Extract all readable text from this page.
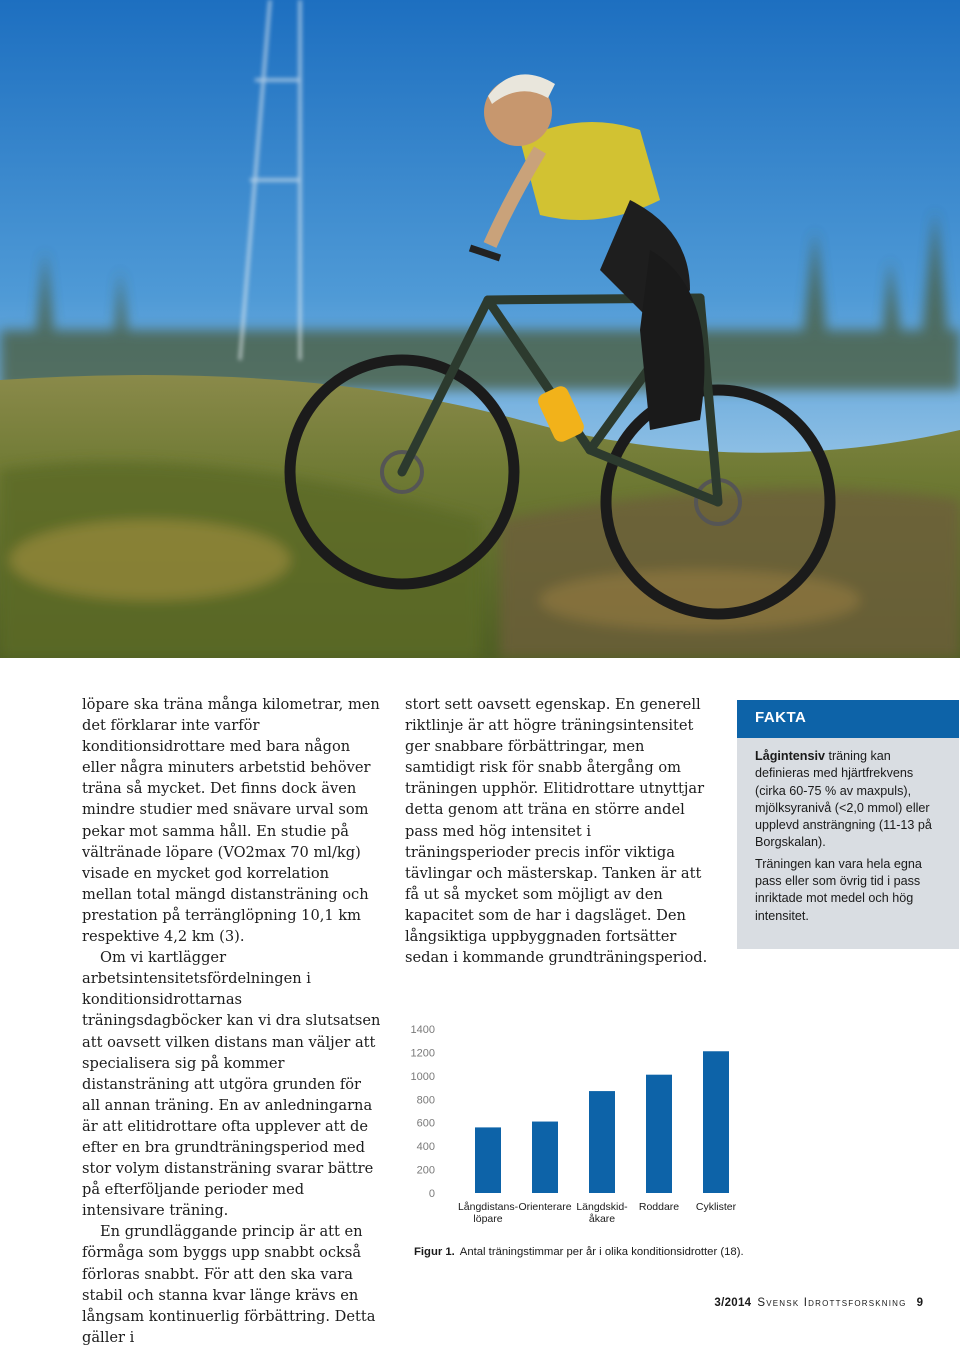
löpare ska träna många kilometrar, men det förklarar inte varför konditionsidrottare med bara någon eller några minuters arbetstid behöver träna så mycket. Det finns dock även mindre studier med snävare urval som pekar mot samma håll. En studie på vältränade löpare (VO2max 70 ml/kg) visade en mycket god korrelation mellan total mängd distansträning och prestation på terränglöpning 10,1 km respektive 4,2 km (3).

Om vi kartlägger arbetsintensitetsfördelningen i konditionsidrottarnas träningsdagböcker kan vi dra slutsatsen att oavsett vilken distans man väljer att specialisera sig på kommer distansträning att utgöra grunden för all annan träning. En av anledningarna är att elitidrottare ofta upplever att de efter en bra grundträningsperiod med stor volym distansträning svarar bättre på efterföljande perioder med intensivare träning.

En grundläggande princip är att en förmåga som byggs upp snabbt också förloras snabbt. För att den ska vara stabil och stanna kvar länge krävs en långsam kontinuerlig förbättring. Detta gäller i

stort sett oavsett egenskap. En generell riktlinje är att högre träningsintensitet ger snabbare förbättringar, men samtidigt risk för snabb återgång om träningen upphör. Elitidrottare utnyttjar detta genom att träna en större andel pass med hög intensitet i träningsperioder precis inför viktiga tävlingar och mästerskap. Tanken är att få ut så mycket som möjligt av den kapacitet som de har i dagsläget. Den långsiktiga uppbyggnaden fortsätter sedan i kommande grundträningsperiod.

FAKTA

Lågintensiv träning kan definieras med hjärtfrekvens (cirka 60-75 % av maxpuls), mjölksyranivå (<2,0 mmol) eller upplevd ansträngning (11-13 på Borgskalan).

Träningen kan vara hela egna pass eller som övrig tid i pass inriktade mot medel och hög intensitet.

0
200
400
600
800
1000
1200
1400
Långdistans-
löpare
Orienterare Längdskid-
åkare
Roddare Cyklister
Figur 1. Antal träningstimmar per år i olika konditionsidrotter (18).
3/2014 Svensk Idrottsforskning 9
